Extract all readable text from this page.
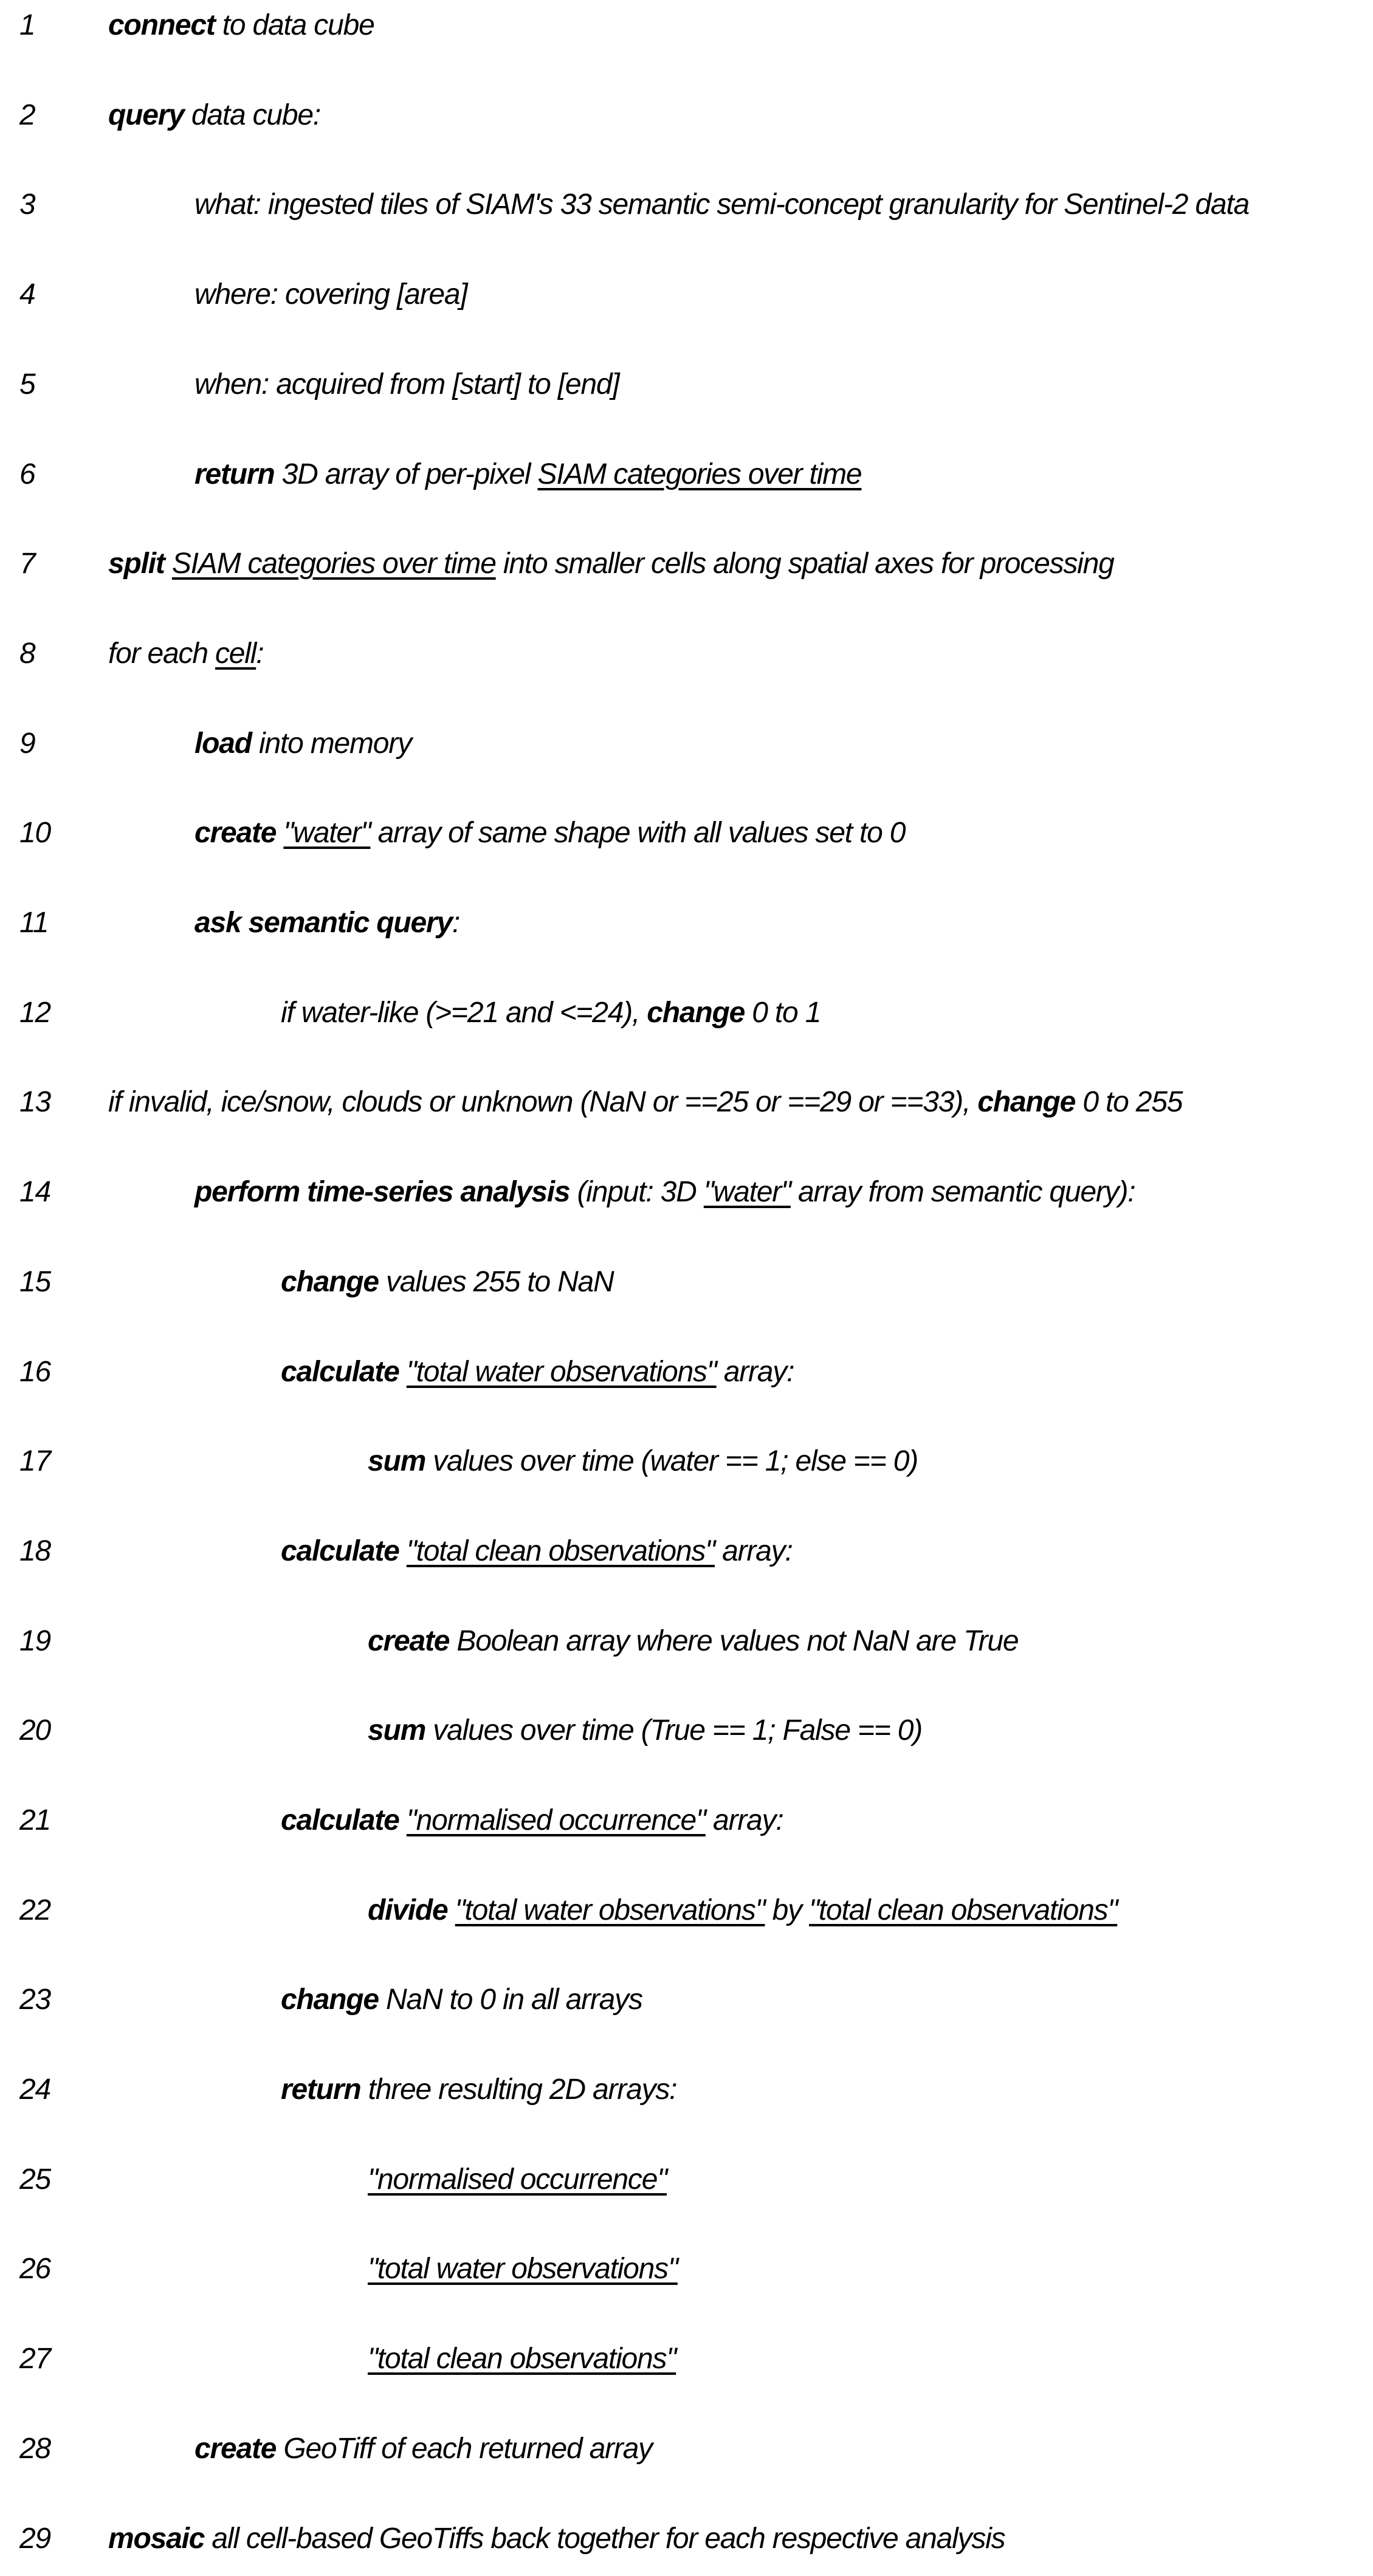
1	connect to data cube
2	query data cube:
3	what: ingested tiles of SIAM's 33 semantic semi-concept granularity for Sentinel-2 data
4	where: covering [area]
5	when: acquired from [start] to [end]
6	return 3D array of per-pixel SIAM categories over time
7	split SIAM categories over time into smaller cells along spatial axes for processing
8	for each cell:
9	load into memory
10	create "water" array of same shape with all values set to 0
11	ask semantic query:
12	if water-like (>=21 and <=24), change 0 to 1
13 if invalid, ice/snow, clouds or unknown (NaN or ==25 or ==29 or ==33), change 0 to 255
14	perform time-series analysis (input: 3D "water" array from semantic query):
15	change values 255 to NaN
16	calculate "total water observations" array:
17	sum values over time (water == 1; else == 0)
18	calculate "total clean observations" array:
19	create Boolean array where values not NaN are True
20	sum values over time (True == 1; False == 0)
21	calculate "normalised occurrence" array:
22	divide "total water observations" by "total clean observations"
23	change NaN to 0 in all arrays
24	return three resulting 2D arrays:
25	"normalised occurrence"
26	"total water observations"
27	"total clean observations"
28	create GeoTiff of each returned array
29 mosaic all cell-based GeoTiffs back together for each respective analysis
